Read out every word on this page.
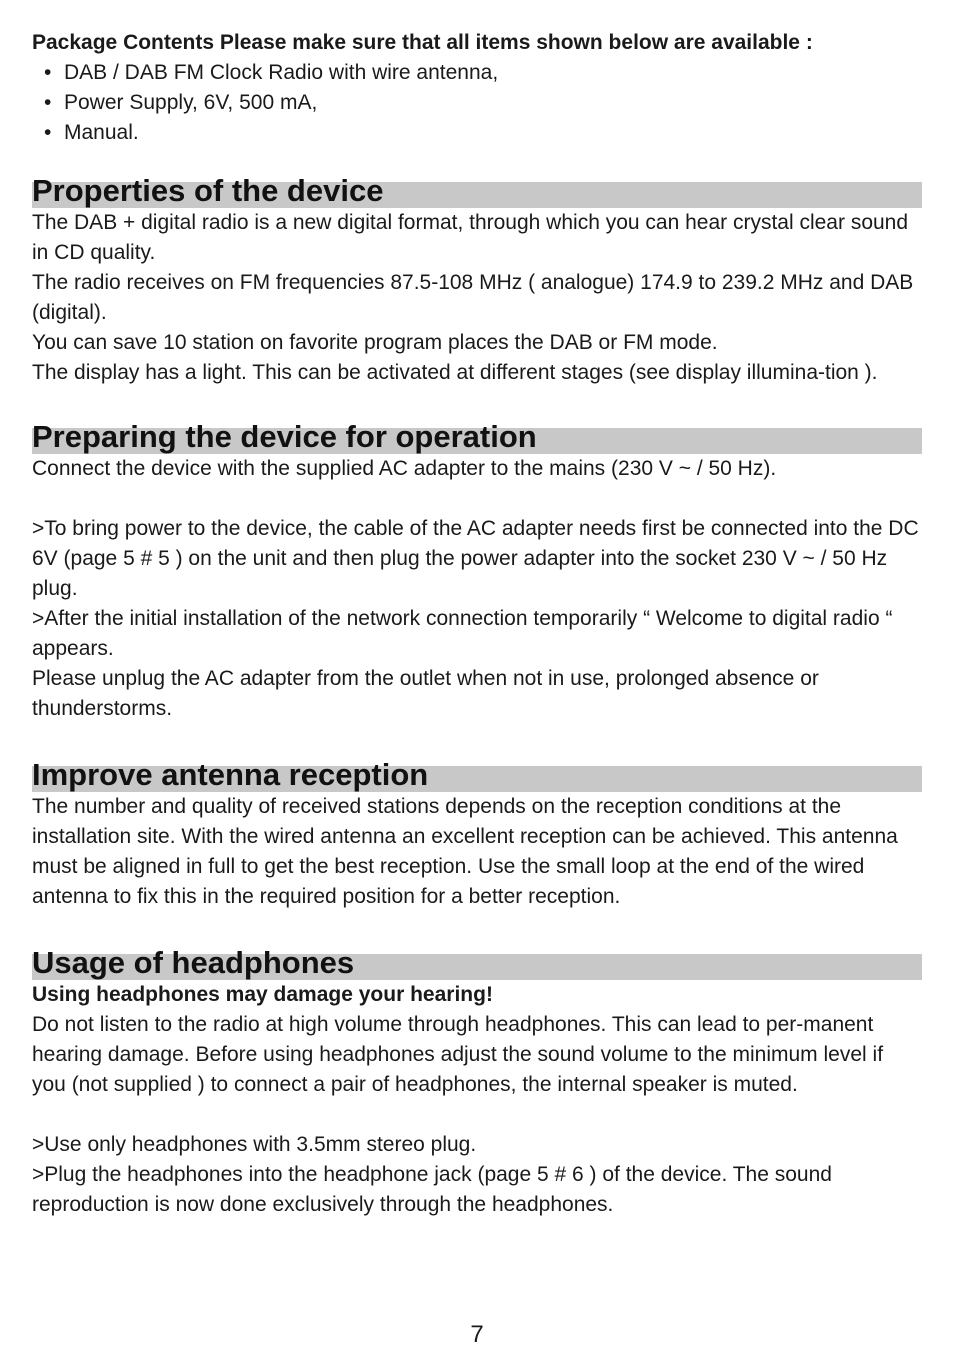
Package Contents Please make sure that all items shown below are available :

• DAB / DAB FM Clock Radio with wire antenna,
• Power Supply, 6V, 500 mA,
• Manual.
Properties of the device

The DAB + digital radio is a new digital format, through which you can hear crystal clear sound in CD quality.

The radio receives on FM frequencies 87.5-108 MHz ( analogue) 174.9 to 239.2 MHz and DAB (digital).

You can save 10 station on favorite program places the DAB or FM mode.

The display has a light. This can be activated at different stages (see display illumina-tion ).

Preparing the device for operation

Connect the device with the supplied AC adapter to the mains (230 V ~ / 50 Hz).

>To bring power to the device, the cable of the AC adapter needs first be connected into the DC 6V (page 5 # 5 ) on the unit and then plug the power adapter into the socket 230 V ~ / 50 Hz plug.

>After the initial installation of the network connection temporarily “ Welcome to digital radio “ appears.

Please unplug the AC adapter from the outlet when not in use, prolonged absence or thunderstorms.

Improve antenna reception

The number and quality of received stations depends on the reception conditions at the installation site. With the wired antenna an excellent reception can be achieved. This antenna must be aligned in full to get the best reception. Use the small loop at the end of the wired antenna to fix this in the required position for a better reception.

Usage of headphones

Using headphones may damage your hearing!

Do not listen to the radio at high volume through headphones. This can lead to per-manent hearing damage. Before using headphones adjust the sound volume to the minimum level if you (not supplied ) to connect a pair of headphones, the internal speaker is muted.

>Use only headphones with 3.5mm stereo plug.

>Plug the headphones into the headphone jack (page 5 # 6 ) of the device. The sound reproduction is now done exclusively through the headphones.

7
